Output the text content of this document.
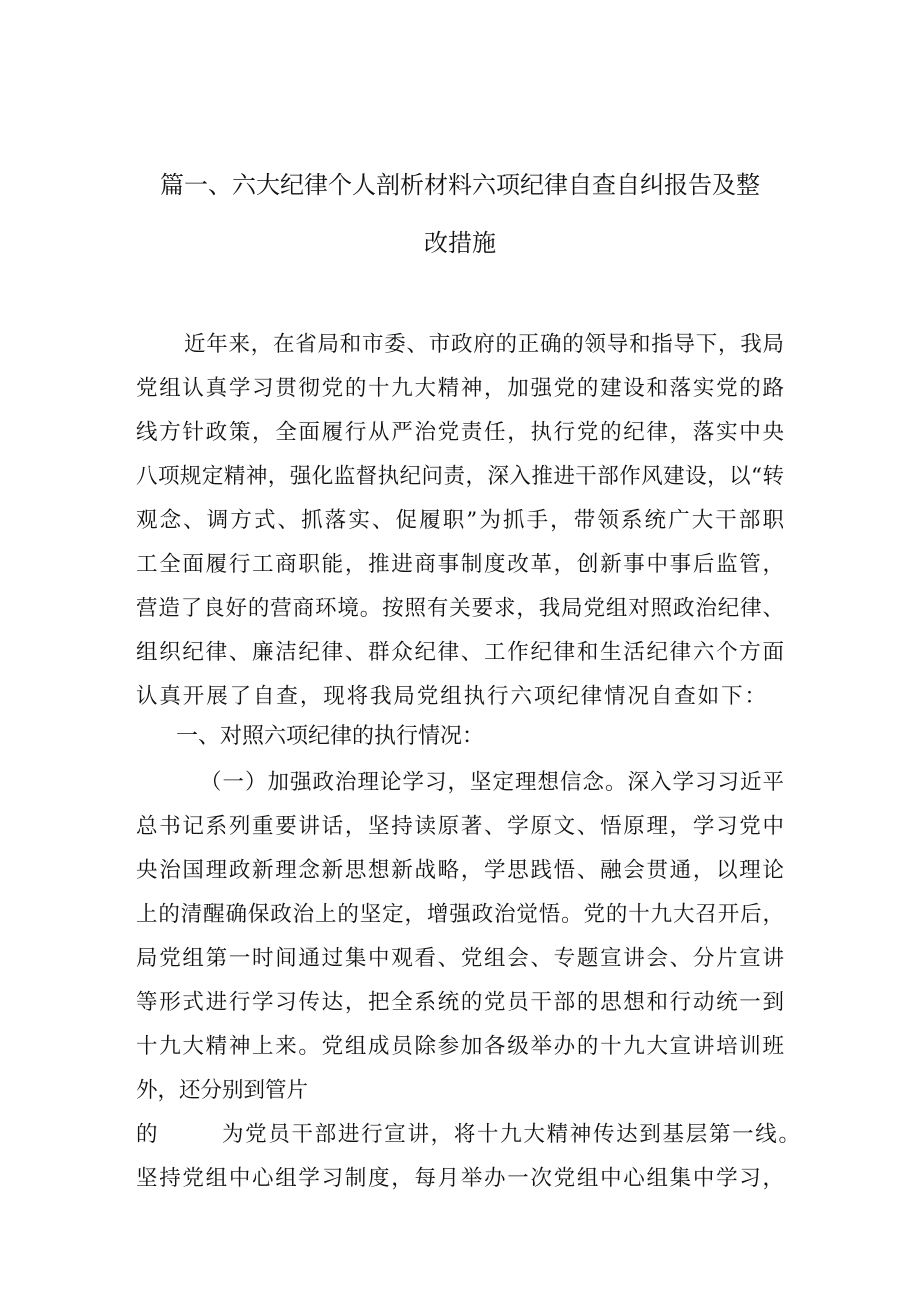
篇一、六大纪律个人剖析材料六项纪律自查自纠报告及整
改措施
近年来，在省局和市委、市政府的正确的领导和指导下，我局
党组认真学习贯彻党的十九大精神，加强党的建设和落实党的路
线方针政策，全面履行从严治党责任，执行党的纪律，落实中央
八项规定精神，强化监督执纪问责，深入推进干部作风建设，以“转
观念、调方式、抓落实、促履职”为抓手，带领系统广大干部职
工全面履行工商职能，推进商事制度改革，创新事中事后监管，
营造了良好的营商环境。按照有关要求，我局党组对照政治纪律、
组织纪律、廉洁纪律、群众纪律、工作纪律和生活纪律六个方面
认真开展了自查，现将我局党组执行六项纪律情况自查如下：
一、对照六项纪律的执行情况：
（一）加强政治理论学习，坚定理想信念。深入学习习近平
总书记系列重要讲话，坚持读原著、学原文、悟原理，学习党中
央治国理政新理念新思想新战略，学思践悟、融会贯通，以理论
上的清醒确保政治上的坚定，增强政治觉悟。党的十九大召开后，
局党组第一时间通过集中观看、党组会、专题宣讲会、分片宣讲
等形式进行学习传达，把全系统的党员干部的思想和行动统一到
十九大精神上来。党组成员除参加各级举办的十九大宣讲培训班
外，还分别到管片
的	为党员干部进行宣讲，将十九大精神传达到基层第一线。
坚持党组中心组学习制度，每月举办一次党组中心组集中学习，
